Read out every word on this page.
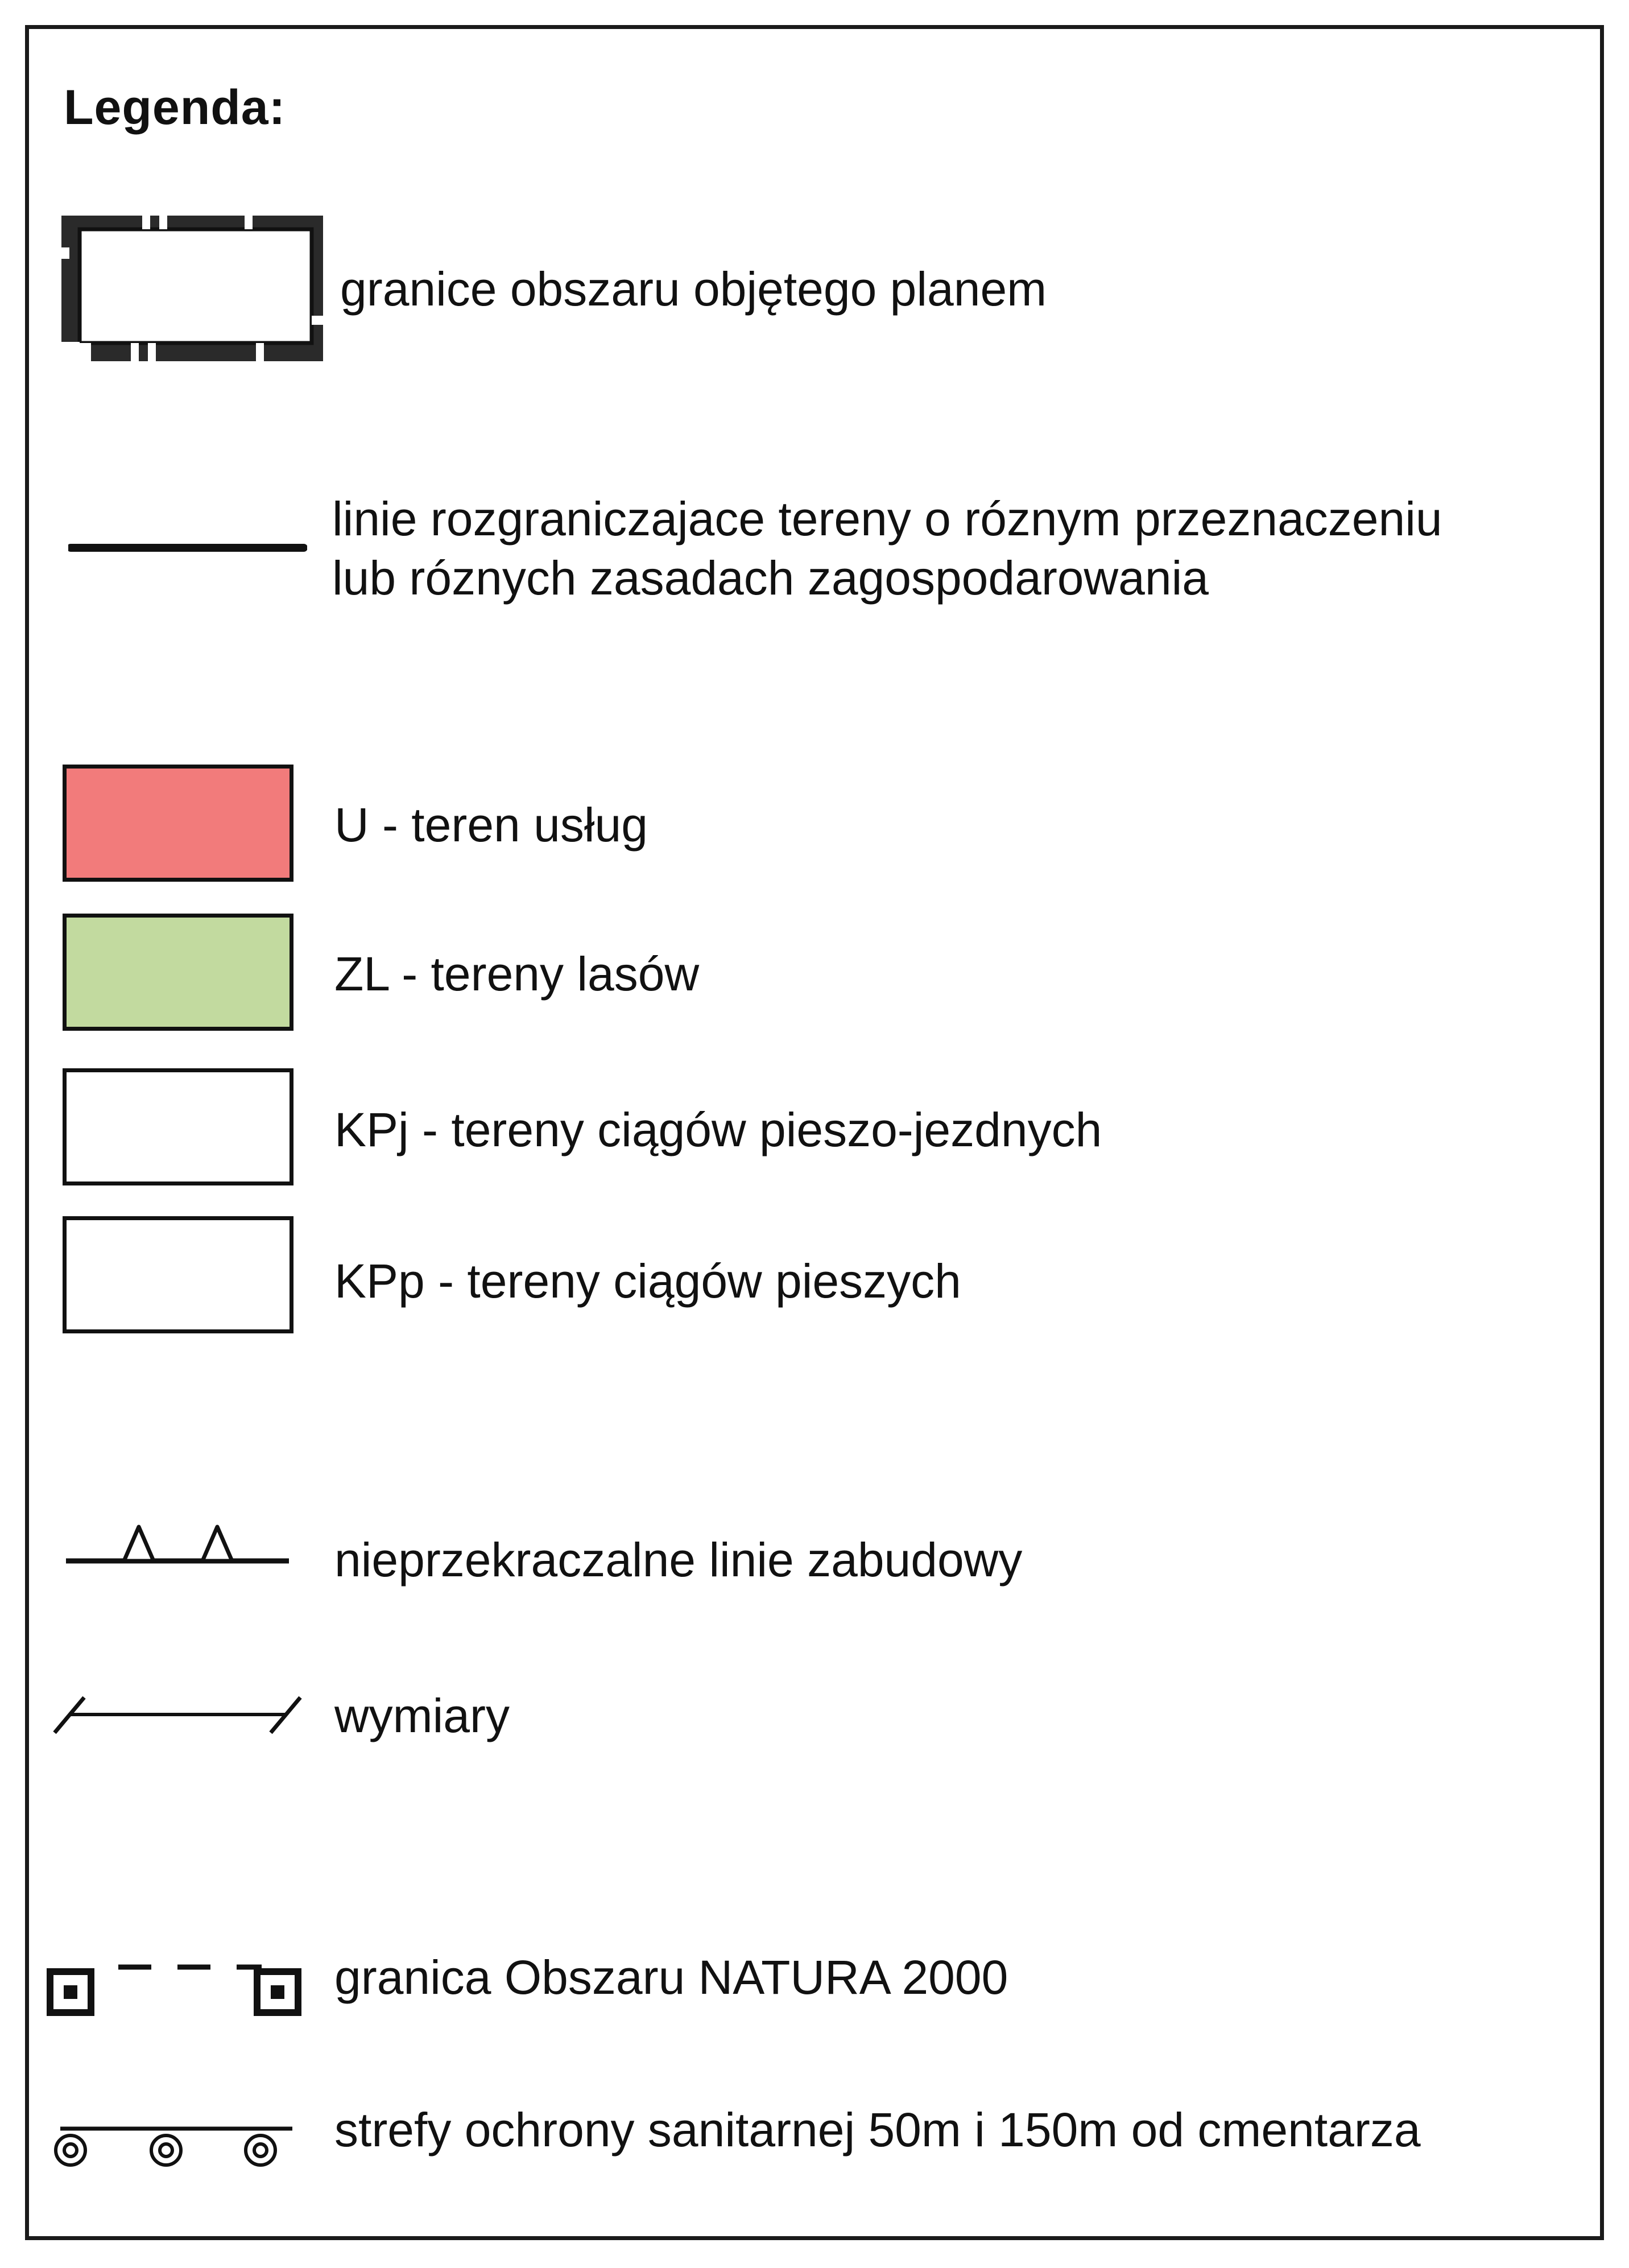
Legenda:
granice obszaru objętego planem
linie rozgraniczajace tereny o róznym przeznaczeniu
lub róznych zasadach zagospodarowania
U - teren usług
ZL - tereny lasów
KPj - tereny ciągów pieszo-jezdnych
KPp - tereny ciągów pieszych
nieprzekraczalne linie zabudowy
wymiary
granica Obszaru NATURA 2000
strefy ochrony sanitarnej 50m i 150m od cmentarza
